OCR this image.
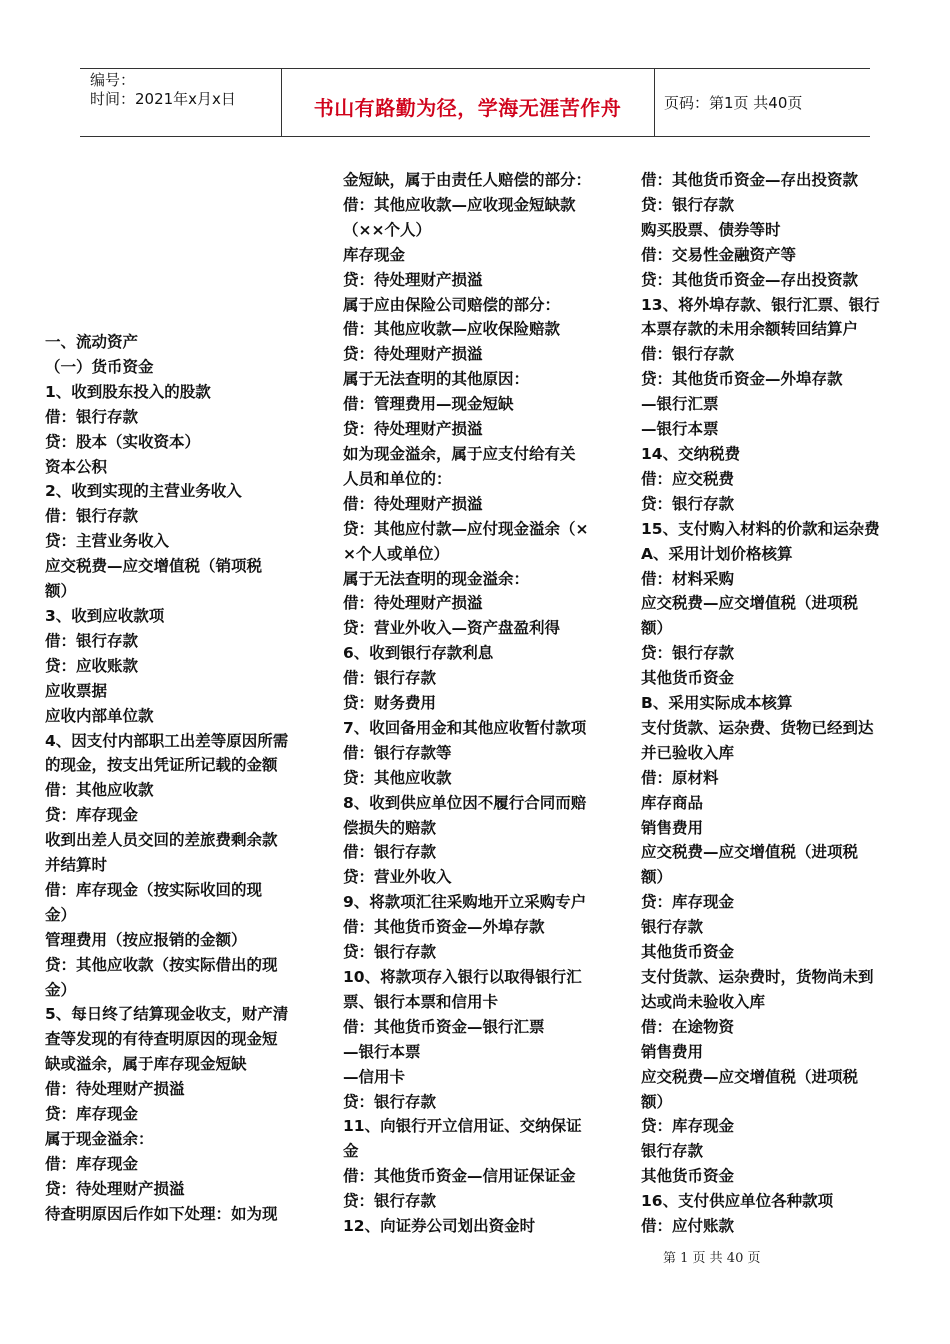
编号：
时间：2021年x月x日	书山有路勤为径，学海无涯苦作舟	页码：第1页 共40页
一、流动资产
（一）货币资金
1、收到股东投入的股款
借：银行存款
贷：股本（实收资本）
资本公积
2、收到实现的主营业务收入
借：银行存款
贷：主营业务收入
应交税费—应交增值税（销项税
额）
3、收到应收款项
借：银行存款
贷：应收账款
应收票据
应收内部单位款
4、因支付内部职工出差等原因所需
的现金，按支出凭证所记载的金额
借：其他应收款
贷：库存现金
收到出差人员交回的差旅费剩余款
并结算时
借：库存现金（按实际收回的现
金）
管理费用（按应报销的金额）
贷：其他应收款（按实际借出的现
金）
5、每日终了结算现金收支，财产清
查等发现的有待查明原因的现金短
缺或溢余，属于库存现金短缺
借：待处理财产损溢
贷：库存现金
属于现金溢余：
借：库存现金
贷：待处理财产损溢
待查明原因后作如下处理：如为现
金短缺，属于由责任人赔偿的部分：
借：其他应收款—应收现金短缺款
（××个人）
库存现金
贷：待处理财产损溢
属于应由保险公司赔偿的部分：
借：其他应收款—应收保险赔款
贷：待处理财产损溢
属于无法查明的其他原因：
借：管理费用—现金短缺
贷：待处理财产损溢
如为现金溢余，属于应支付给有关
人员和单位的：
借：待处理财产损溢
贷：其他应付款—应付现金溢余（×
×个人或单位）
属于无法查明的现金溢余：
借：待处理财产损溢
贷：营业外收入—资产盘盈利得
6、收到银行存款利息
借：银行存款
贷：财务费用
7、收回备用金和其他应收暂付款项
借：银行存款等
贷：其他应收款
8、收到供应单位因不履行合同而赔
偿损失的赔款
借：银行存款
贷：营业外收入
9、将款项汇往采购地开立采购专户
借：其他货币资金—外埠存款
贷：银行存款
10、将款项存入银行以取得银行汇
票、银行本票和信用卡
借：其他货币资金—银行汇票
—银行本票
—信用卡
贷：银行存款
11、向银行开立信用证、交纳保证
金
借：其他货币资金—信用证保证金
贷：银行存款
12、向证券公司划出资金时
借：其他货币资金—存出投资款
贷：银行存款
购买股票、债券等时
借：交易性金融资产等
贷：其他货币资金—存出投资款
13、将外埠存款、银行汇票、银行
本票存款的未用余额转回结算户
借：银行存款
贷：其他货币资金—外埠存款
—银行汇票
—银行本票
14、交纳税费
借：应交税费
贷：银行存款
15、支付购入材料的价款和运杂费
A、采用计划价格核算
借：材料采购
应交税费—应交增值税（进项税
额）
贷：银行存款
其他货币资金
B、采用实际成本核算
支付货款、运杂费、货物已经到达
并已验收入库
借：原材料
库存商品
销售费用
应交税费—应交增值税（进项税
额）
贷：库存现金
银行存款
其他货币资金
支付货款、运杂费时，货物尚未到
达或尚未验收入库
借：在途物资
销售费用
应交税费—应交增值税（进项税
额）
贷：库存现金
银行存款
其他货币资金
16、支付供应单位各种款项
借：应付账款
第 1 页 共 40 页
